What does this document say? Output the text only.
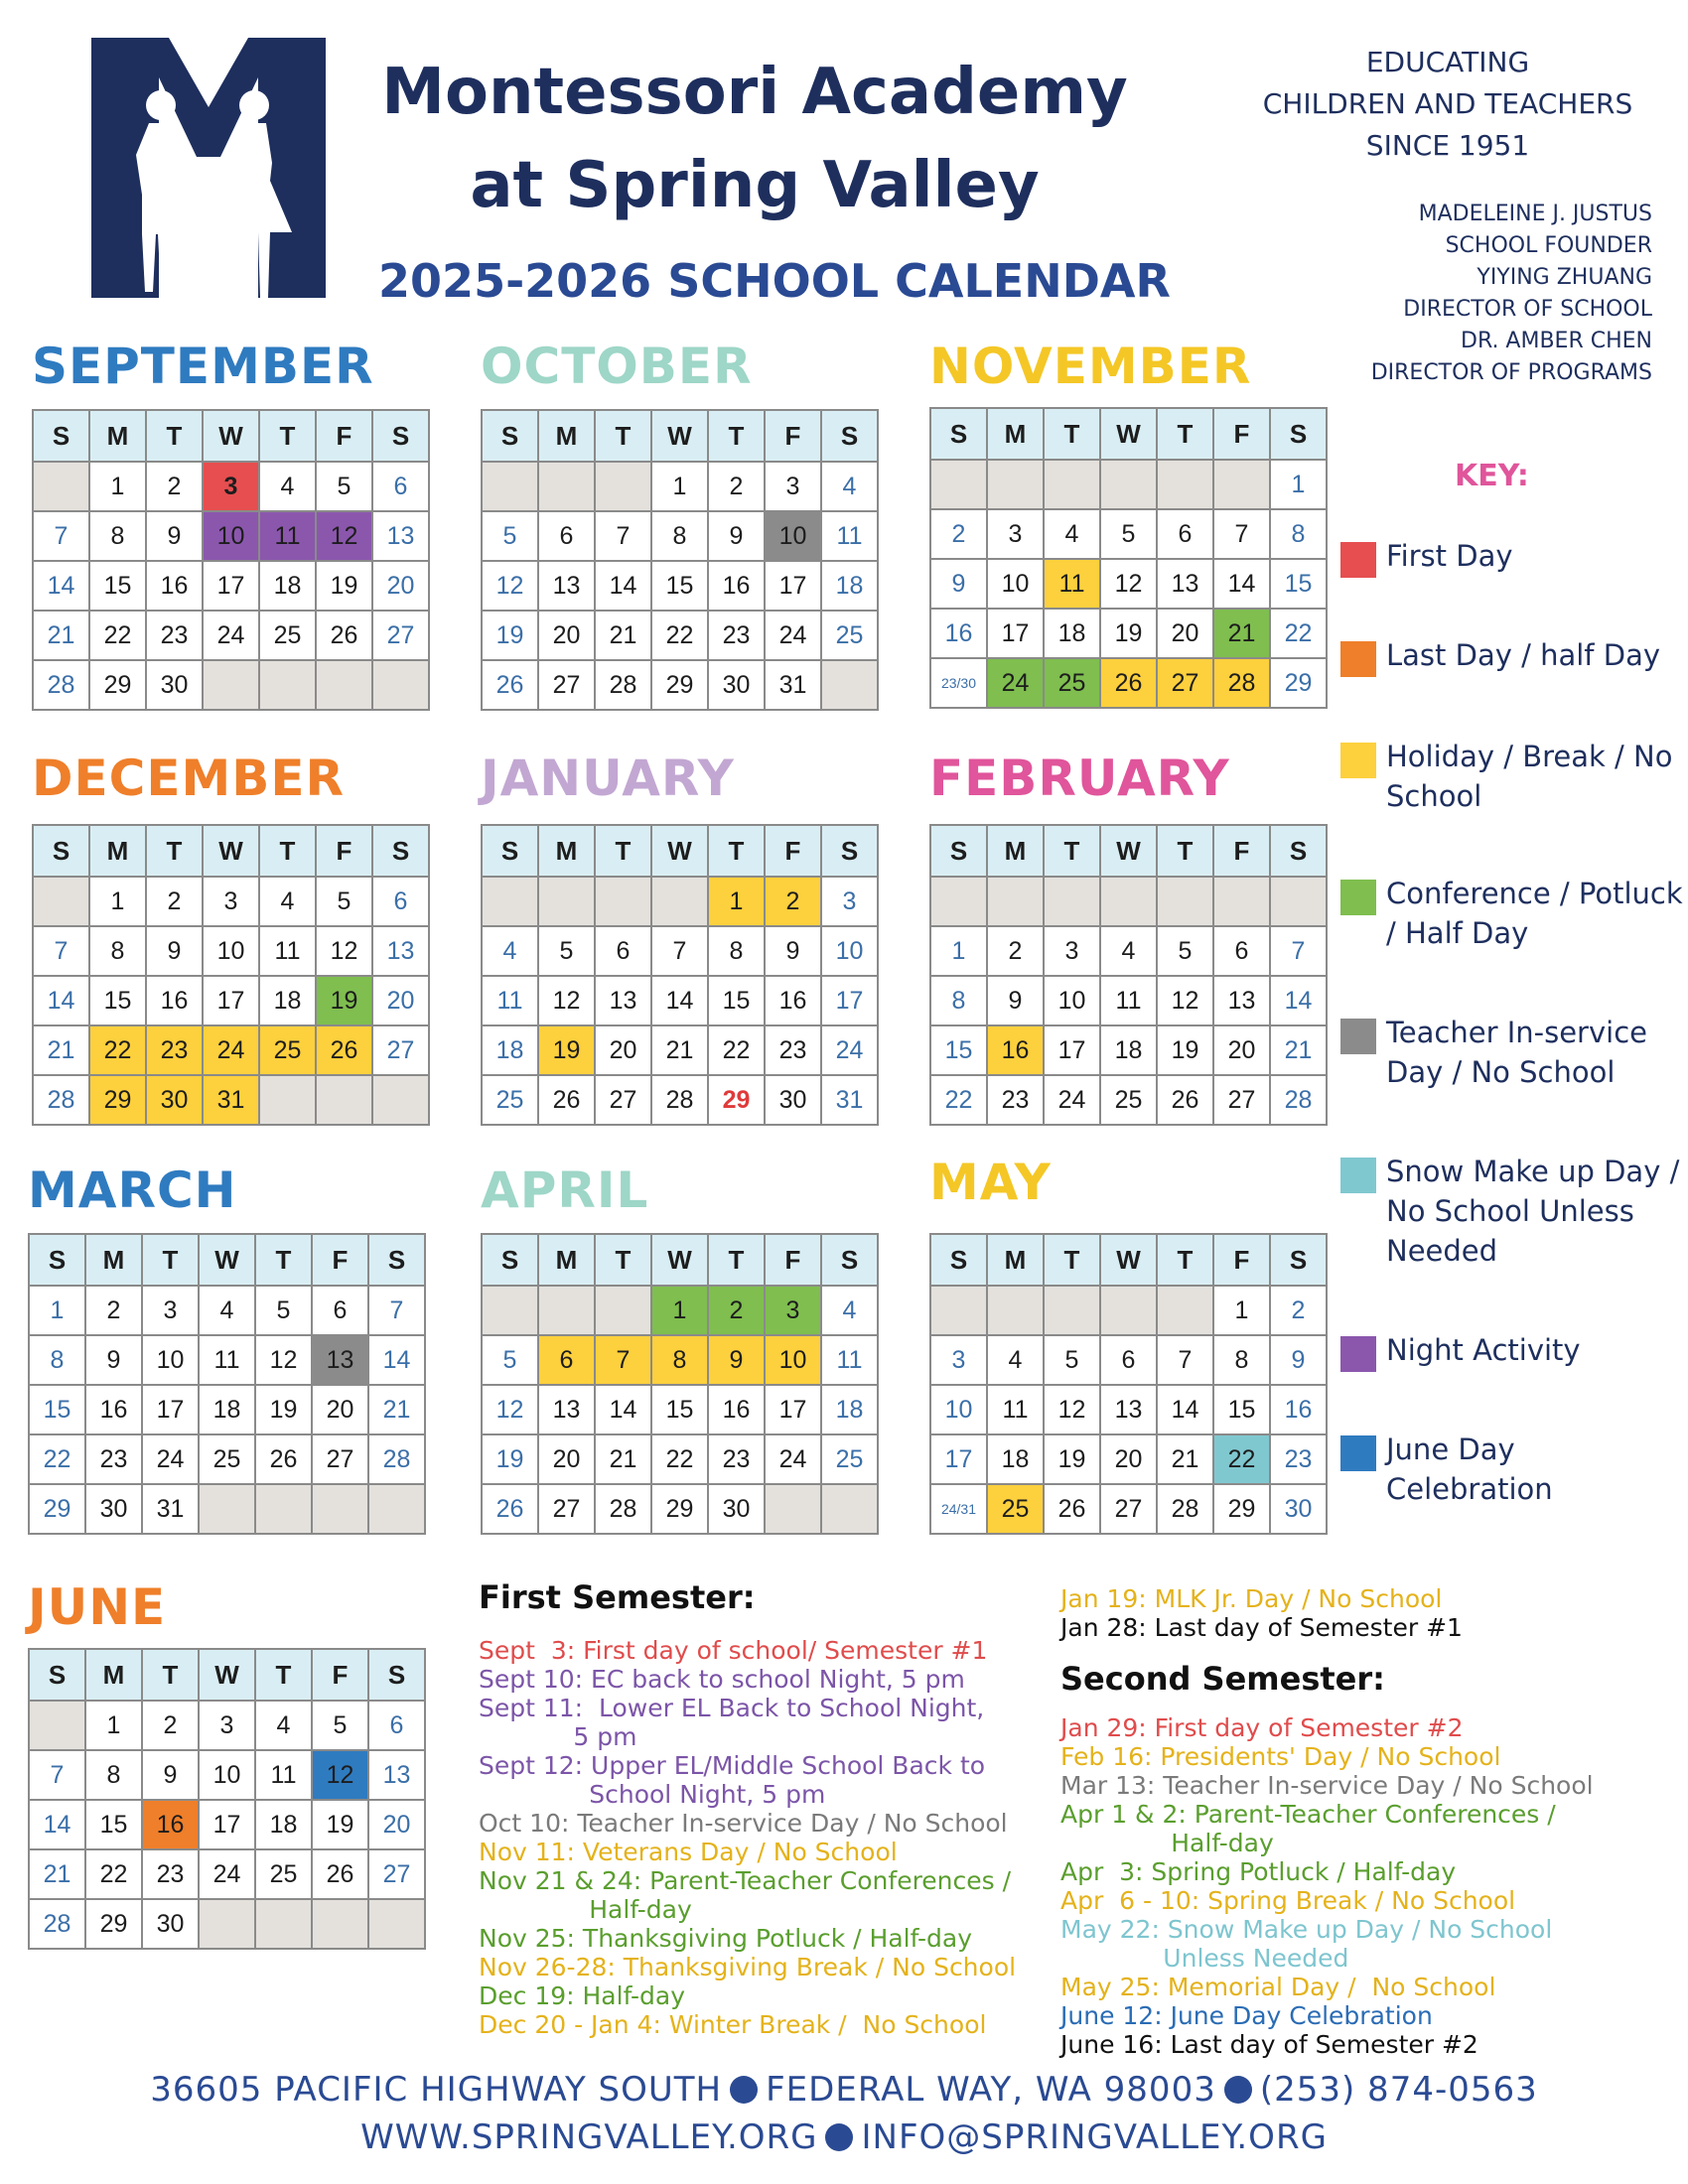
Montessori Academy
at Spring Valley
2025-2026 SCHOOL CALENDAR
EDUCATING
CHILDREN AND TEACHERS
SINCE 1951
MADELEINE J. JUSTUS
SCHOOL FOUNDER
YIYING ZHUANG
DIRECTOR OF SCHOOL
DR. AMBER CHEN
DIRECTOR OF PROGRAMS
SEPTEMBER
S	M	T	W	T	F	S
	1	2	3	4	5	6
7	8	9	10	11	12	13
14	15	16	17	18	19	20
21	22	23	24	25	26	27
28	29	30				
OCTOBER
S	M	T	W	T	F	S
			1	2	3	4
5	6	7	8	9	10	11
12	13	14	15	16	17	18
19	20	21	22	23	24	25
26	27	28	29	30	31	
NOVEMBER
S	M	T	W	T	F	S
						1
2	3	4	5	6	7	8
9	10	11	12	13	14	15
16	17	18	19	20	21	22
23/30	24	25	26	27	28	29
DECEMBER
S	M	T	W	T	F	S
	1	2	3	4	5	6
7	8	9	10	11	12	13
14	15	16	17	18	19	20
21	22	23	24	25	26	27
28	29	30	31			
JANUARY
S	M	T	W	T	F	S
				1	2	3
4	5	6	7	8	9	10
11	12	13	14	15	16	17
18	19	20	21	22	23	24
25	26	27	28	29	30	31
FEBRUARY
S	M	T	W	T	F	S

1	2	3	4	5	6	7
8	9	10	11	12	13	14
15	16	17	18	19	20	21
22	23	24	25	26	27	28
MARCH
S	M	T	W	T	F	S
1	2	3	4	5	6	7
8	9	10	11	12	13	14
15	16	17	18	19	20	21
22	23	24	25	26	27	28
29	30	31				
APRIL
S	M	T	W	T	F	S
			1	2	3	4
5	6	7	8	9	10	11
12	13	14	15	16	17	18
19	20	21	22	23	24	25
26	27	28	29	30		
MAY
S	M	T	W	T	F	S
					1	2
3	4	5	6	7	8	9
10	11	12	13	14	15	16
17	18	19	20	21	22	23
24/31	25	26	27	28	29	30
JUNE
S	M	T	W	T	F	S
	1	2	3	4	5	6
7	8	9	10	11	12	13
14	15	16	17	18	19	20
21	22	23	24	25	26	27
28	29	30				
KEY:
First Day
Last Day / half Day
Holiday / Break / No School
Conference / Potluck / Half Day
Teacher In-service Day / No School
Snow Make up Day / No School Unless Needed
Night Activity
June Day Celebration
First Semester:
Sept  3: First day of school/ Semester #1
Sept 10: EC back to school Night, 5 pm
Sept 11:  Lower EL Back to School Night,
5 pm
Sept 12: Upper EL/Middle School Back to
School Night, 5 pm
Oct 10: Teacher In-service Day / No School
Nov 11: Veterans Day / No School
Nov 21 & 24: Parent-Teacher Conferences /
Half-day
Nov 25: Thanksgiving Potluck / Half-day
Nov 26-28: Thanksgiving Break / No School
Dec 19: Half-day
Dec 20 - Jan 4: Winter Break /  No School
Jan 19: MLK Jr. Day / No School
Jan 28: Last day of Semester #1
Second Semester:
Jan 29: First day of Semester #2
Feb 16: Presidents' Day / No School
Mar 13: Teacher In-service Day / No School
Apr 1 & 2: Parent-Teacher Conferences /
Half-day
Apr  3: Spring Potluck / Half-day
Apr  6 - 10: Spring Break / No School
May 22: Snow Make up Day / No School
Unless Needed
May 25: Memorial Day /  No School
June 12: June Day Celebration
June 16: Last day of Semester #2
36605 PACIFIC HIGHWAY SOUTH FEDERAL WAY, WA 98003 (253) 874-0563
WWW.SPRINGVALLEY.ORG INFO@SPRINGVALLEY.ORG
